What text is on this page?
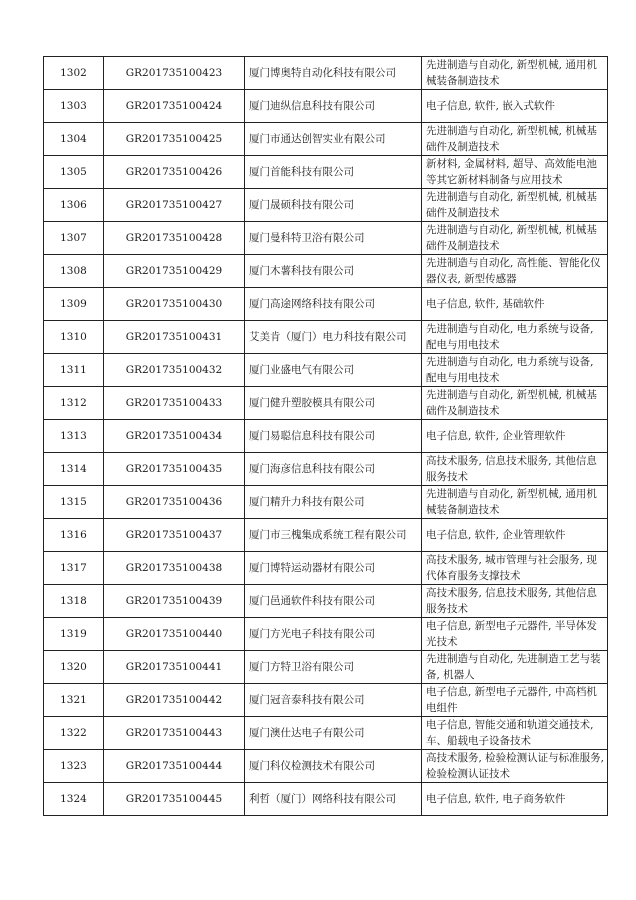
1302	GR201735100423	厦门博奥特自动化科技有限公司	先进制造与自动化, 新型机械, 通用机械装备制造技术
1303	GR201735100424	厦门迪纵信息科技有限公司	电子信息, 软件, 嵌入式软件
1304	GR201735100425	厦门市通达创智实业有限公司	先进制造与自动化, 新型机械, 机械基础件及制造技术
1305	GR201735100426	厦门首能科技有限公司	新材料, 金属材料, 超导、高效能电池等其它新材料制备与应用技术
1306	GR201735100427	厦门晟硕科技有限公司	先进制造与自动化, 新型机械, 机械基础件及制造技术
1307	GR201735100428	厦门曼科特卫浴有限公司	先进制造与自动化, 新型机械, 机械基础件及制造技术
1308	GR201735100429	厦门木薯科技有限公司	先进制造与自动化, 高性能、智能化仪器仪表, 新型传感器
1309	GR201735100430	厦门高途网络科技有限公司	电子信息, 软件, 基础软件
1310	GR201735100431	艾美肯（厦门）电力科技有限公司	先进制造与自动化, 电力系统与设备, 配电与用电技术
1311	GR201735100432	厦门业盛电气有限公司	先进制造与自动化, 电力系统与设备, 配电与用电技术
1312	GR201735100433	厦门健升塑胶模具有限公司	先进制造与自动化, 新型机械, 机械基础件及制造技术
1313	GR201735100434	厦门易聪信息科技有限公司	电子信息, 软件, 企业管理软件
1314	GR201735100435	厦门海彦信息科技有限公司	高技术服务, 信息技术服务, 其他信息服务技术
1315	GR201735100436	厦门精升力科技有限公司	先进制造与自动化, 新型机械, 通用机械装备制造技术
1316	GR201735100437	厦门市三槐集成系统工程有限公司	电子信息, 软件, 企业管理软件
1317	GR201735100438	厦门博特运动器材有限公司	高技术服务, 城市管理与社会服务, 现代体育服务支撑技术
1318	GR201735100439	厦门邑通软件科技有限公司	高技术服务, 信息技术服务, 其他信息服务技术
1319	GR201735100440	厦门方光电子科技有限公司	电子信息, 新型电子元器件, 半导体发光技术
1320	GR201735100441	厦门方特卫浴有限公司	先进制造与自动化, 先进制造工艺与装备, 机器人
1321	GR201735100442	厦门冠音泰科技有限公司	电子信息, 新型电子元器件, 中高档机电组件
1322	GR201735100443	厦门澳仕达电子有限公司	电子信息, 智能交通和轨道交通技术, 车、船载电子设备技术
1323	GR201735100444	厦门科仪检测技术有限公司	高技术服务, 检验检测认证与标准服务, 检验检测认证技术
1324	GR201735100445	利哲（厦门）网络科技有限公司	电子信息, 软件, 电子商务软件
